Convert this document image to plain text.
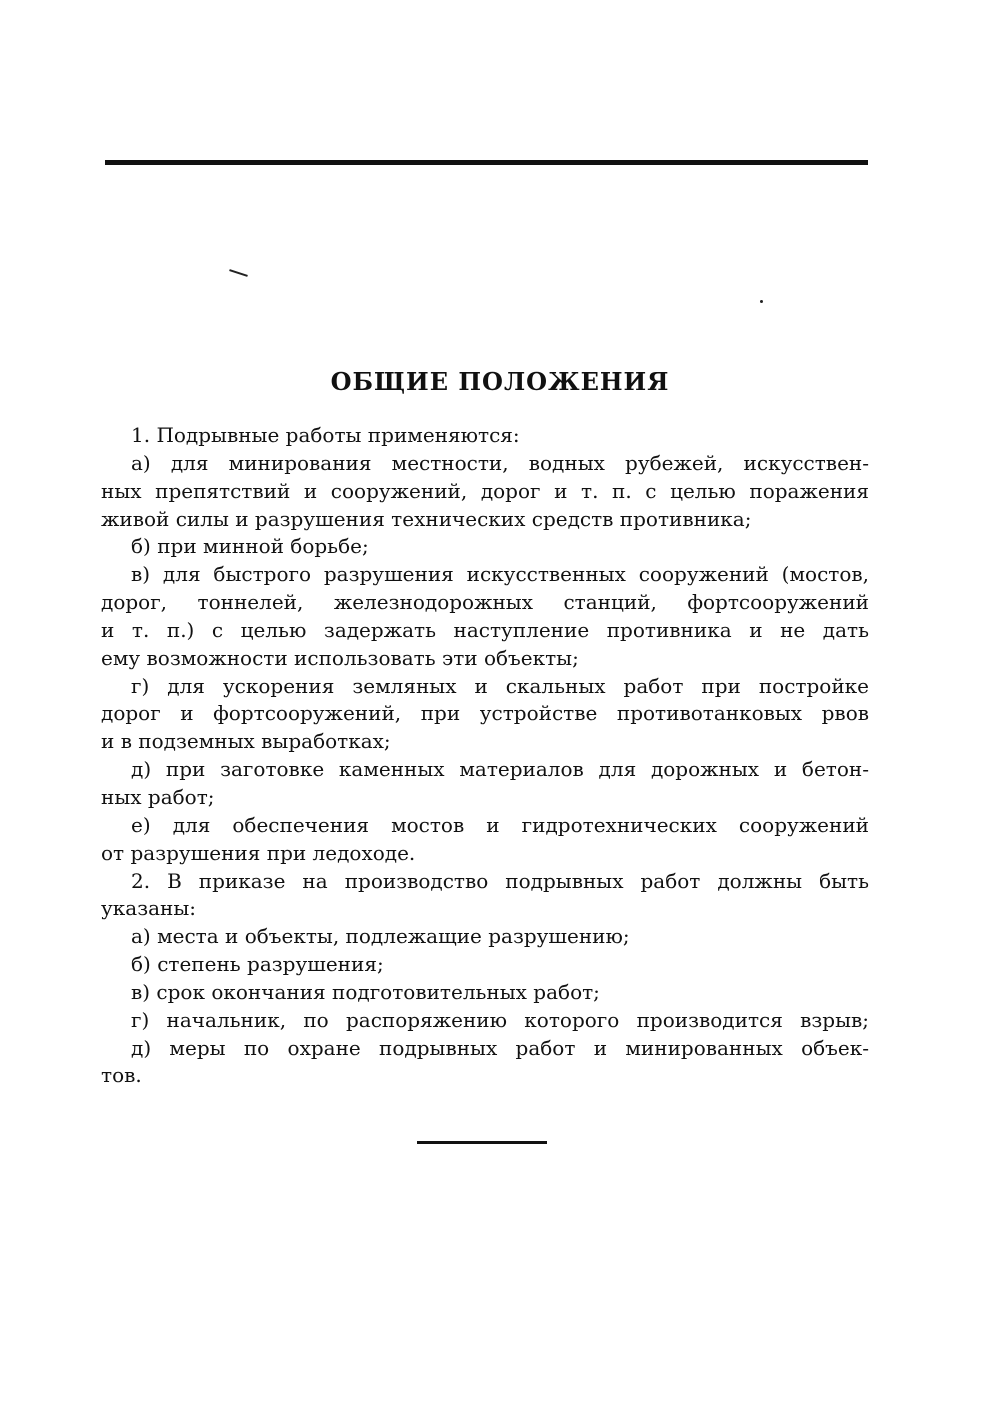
ОБЩИЕ ПОЛОЖЕНИЯ
1. Подрывные работы применяются:
а) для минирования местности, водных рубежей, искусствен-
ных препятствий и сооружений, дорог и т. п. с целью поражения
живой силы и разрушения технических средств противника;
б) при минной борьбе;
в) для быстрого разрушения искусственных сооружений (мостов,
дорог, тоннелей, железнодорожных станций, фортсооружений
и т. п.) с целью задержать наступление противника и не дать
ему возможности использовать эти объекты;
г) для ускорения земляных и скальных работ при постройке
дорог и фортсооружений, при устройстве противотанковых рвов
и в подземных выработках;
д) при заготовке каменных материалов для дорожных и бетон-
ных работ;
е) для обеспечения мостов и гидротехнических сооружений
от разрушения при ледоходе.
2. В приказе на производство подрывных работ должны быть
указаны:
а) места и объекты, подлежащие разрушению;
б) степень разрушения;
в) срок окончания подготовительных работ;
г) начальник, по распоряжению которого производится взрыв;
д) меры по охране подрывных работ и минированных объек-
тов.
